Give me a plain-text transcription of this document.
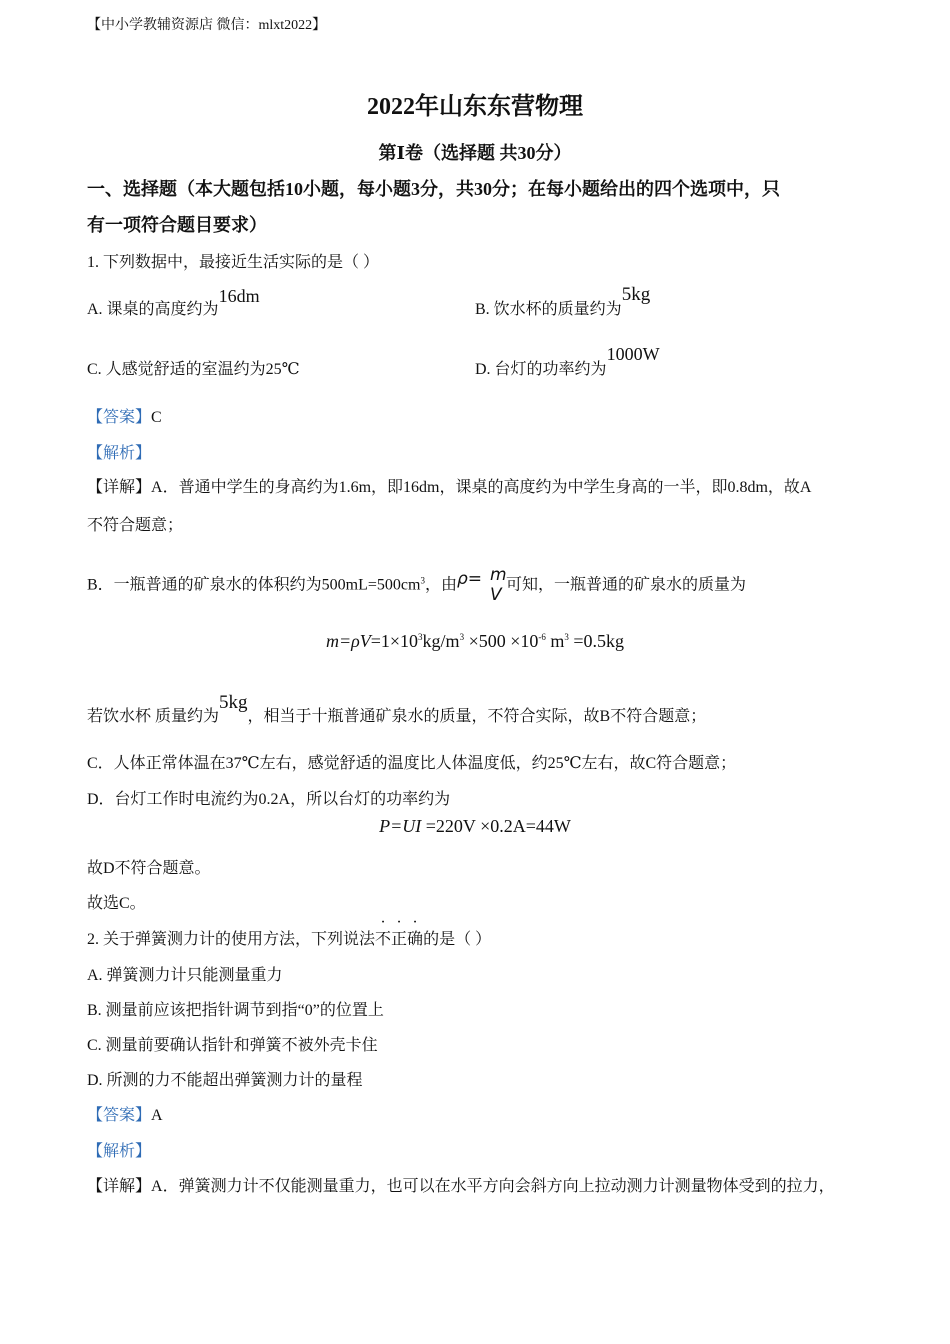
【中小学教辅资源店 微信：mlxt2022】
2022年山东东营物理
第Ⅰ卷（选择题 共30分）
一、选择题（本大题包括10小题，每小题3分，共30分；在每小题给出的四个选项中，只
有一项符合题目要求）
1. 下列数据中，最接近生活实际的是（ ）
A. 课桌的高度约为16dm
B. 饮水杯的质量约为5kg
C. 人感觉舒适的室温约为25℃	D. 台灯的功率约为1000W
【答案】C
【解析】
【详解】A．普通中学生的身高约为1.6m，即16dm，课桌的高度约为中学生身高的一半，即0.8dm，故A
不符合题意；
B．一瓶普通的矿泉水的体积约为$500mL=500cm^3$，由ρ= m
V 可知，一瓶普通的矿泉水的质量为
$m=\rho V=1\times 10^3kg/m^3 \times 500 \times 10^{-6}$ $m^3 =0.5kg$
若饮水杯 质量约为5kg，相当于十瓶普通矿泉水的质量，不符合实际，故B不符合题意；
C．人体正常体温在37℃左右，感觉舒适的温度比人体温度低，约25℃左右，故C符合题意；
D．台灯工作时电流约为0.2A，所以台灯的功率约为
P=UI =220V ×0.2A=44W
故D不符合题意。
故选C。
2. 关于弹簧测力计的使用方法，下列说法不正确的是（ ）
A. 弹簧测力计只能测量重力
B. 测量前应该把指针调节到指“0”的位置上
C. 测量前要确认指针和弹簧不被外壳卡住
D. 所测的力不能超出弹簧测力计的量程
【答案】A
【解析】
【详解】A．弹簧测力计不仅能测量重力，也可以在水平方向会斜方向上拉动测力计测量物体受到的拉力，
